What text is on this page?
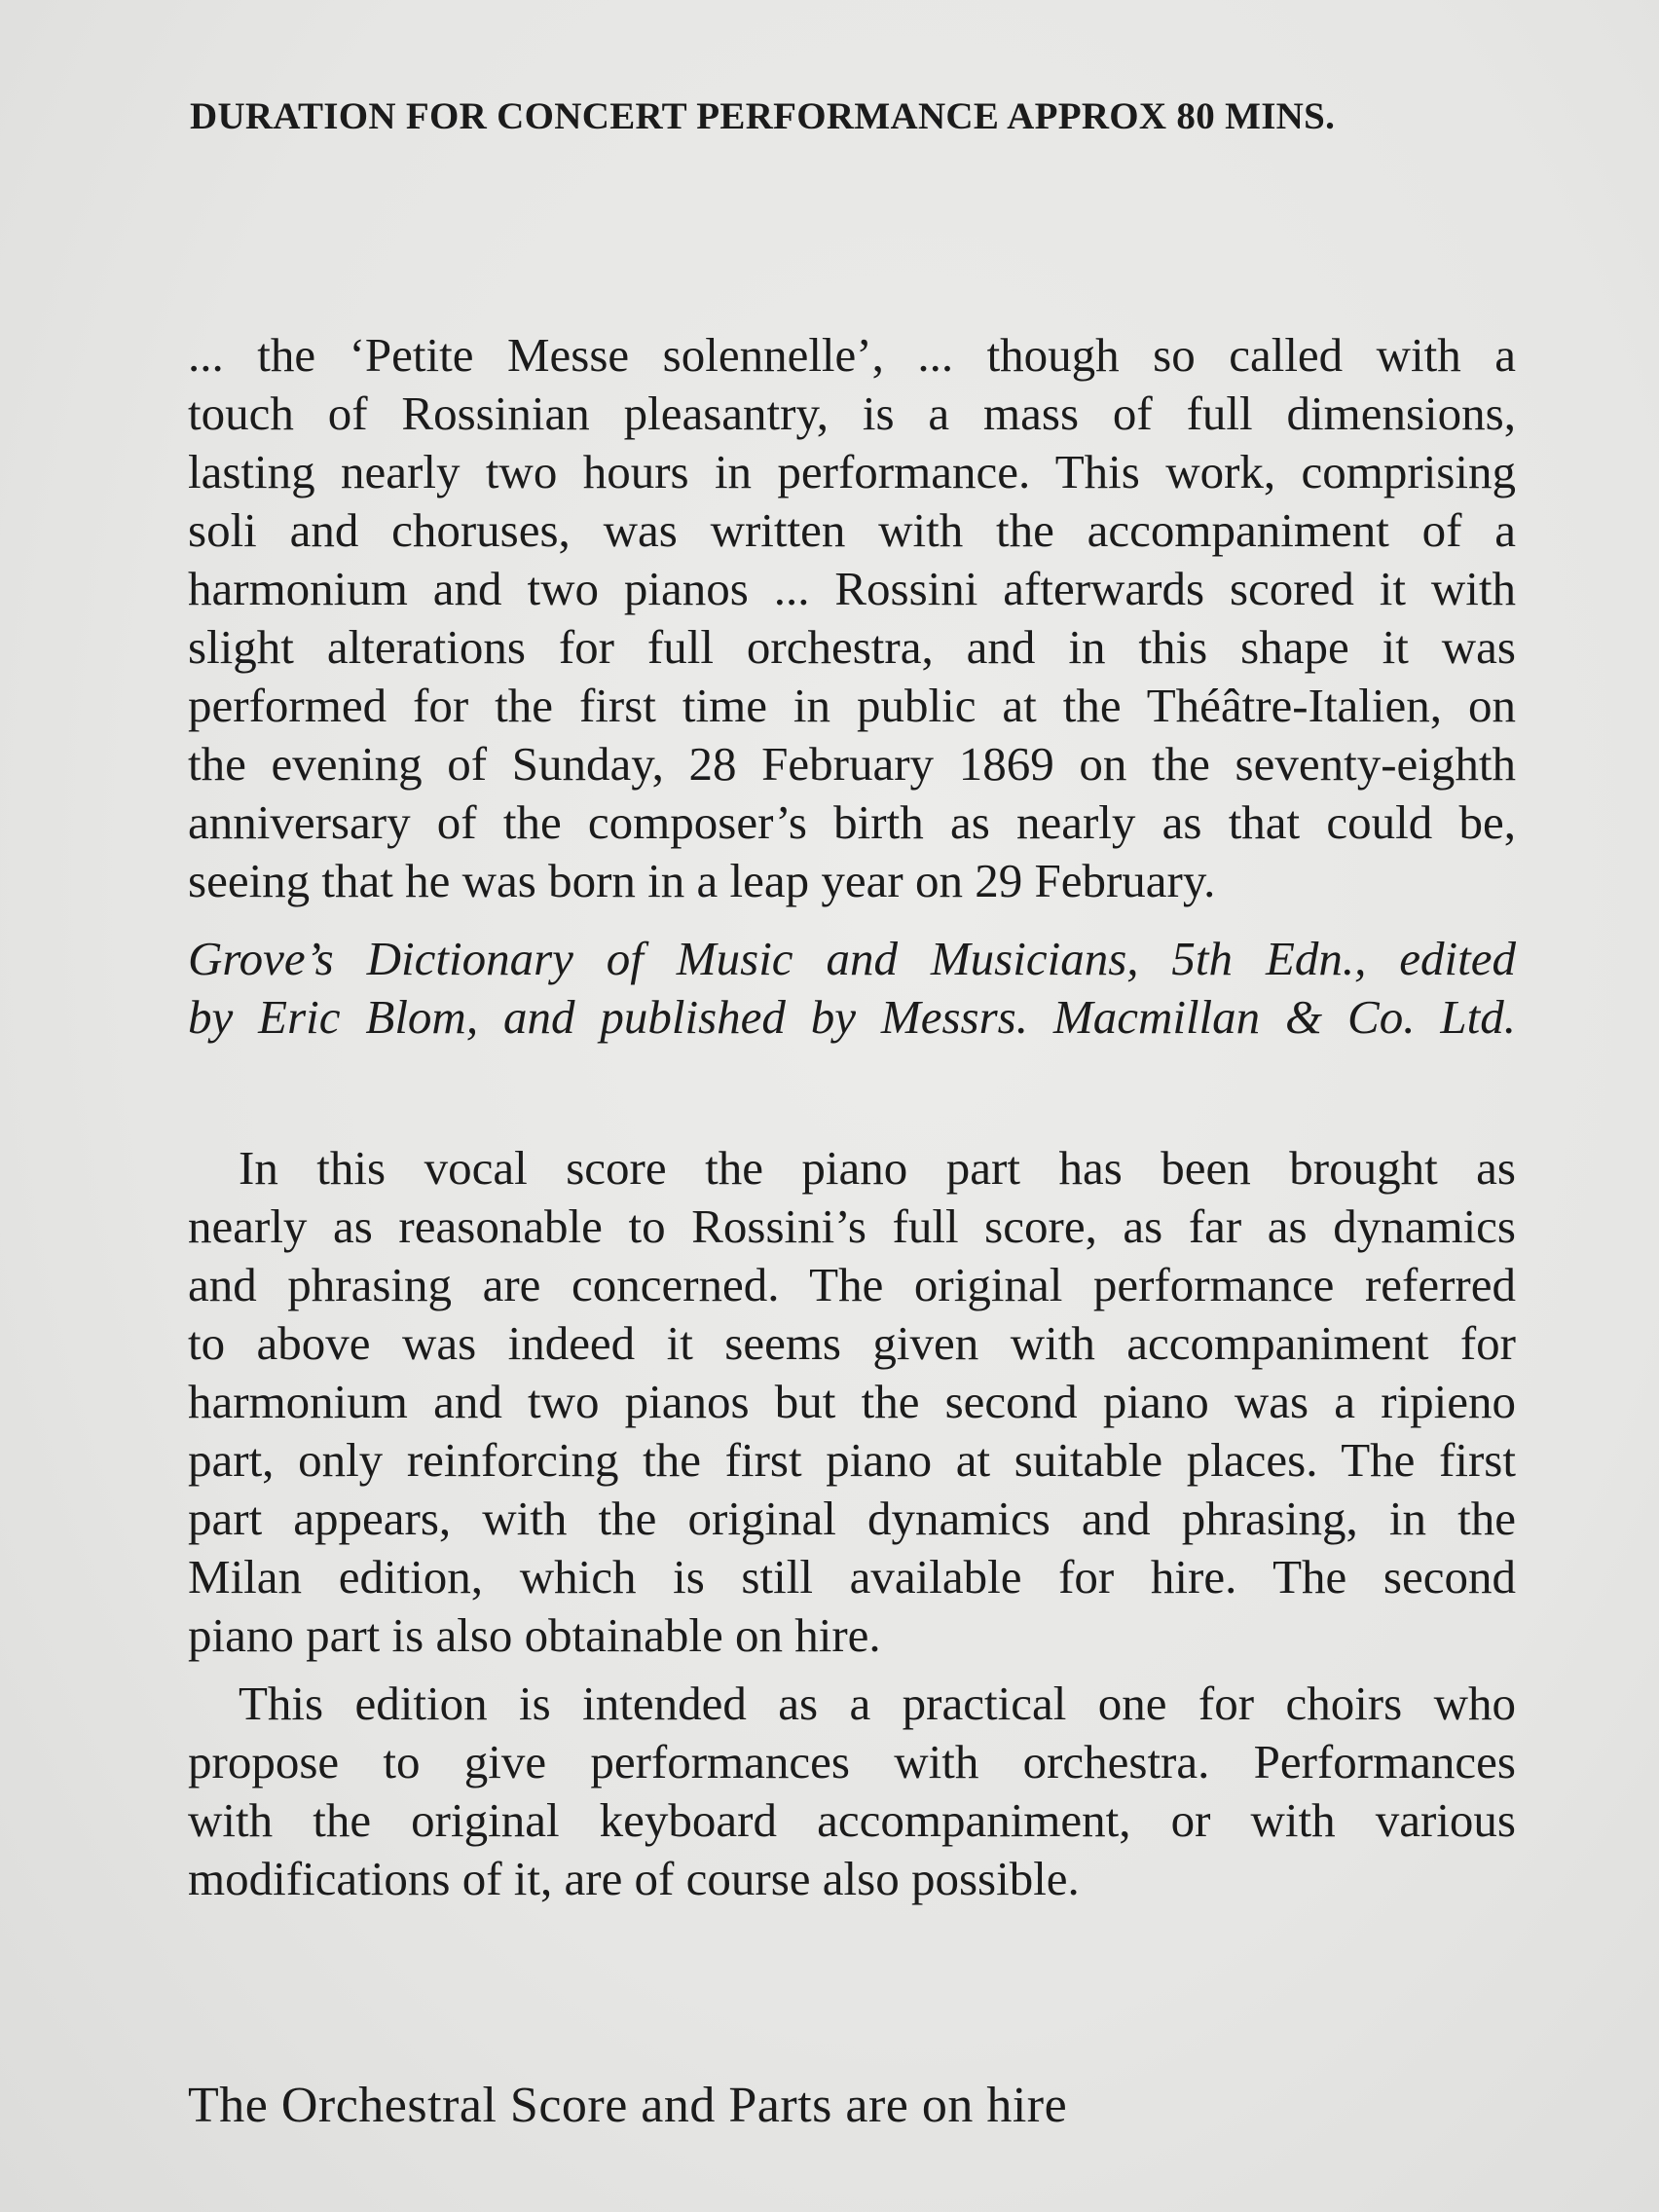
DURATION FOR CONCERT PERFORMANCE APPROX 80 MINS.

... the ‘Petite Messe solennelle’, ... though so called with a

touch of Rossinian pleasantry, is a mass of full dimensions,

lasting nearly two hours in performance. This work, comprising

soli and choruses, was written with the accompaniment of a

harmonium and two pianos ... Rossini afterwards scored it with

slight alterations for full orchestra, and in this shape it was

performed for the first time in public at the Théâtre-Italien, on

the evening of Sunday, 28 February 1869 on the seventy-eighth

anniversary of the composer’s birth as nearly as that could be,

seeing that he was born in a leap year on 29 February.

Grove’s Dictionary of Music and Musicians, 5th Edn., edited

by Eric Blom, and published by Messrs. Macmillan & Co. Ltd.

In this vocal score the piano part has been brought as

nearly as reasonable to Rossini’s full score, as far as dynamics

and phrasing are concerned. The original performance referred

to above was indeed it seems given with accompaniment for

harmonium and two pianos but the second piano was a ripieno

part, only reinforcing the first piano at suitable places. The first

part appears, with the original dynamics and phrasing, in the

Milan edition, which is still available for hire. The second

piano part is also obtainable on hire.

This edition is intended as a practical one for choirs who

propose to give performances with orchestra. Performances

with the original keyboard accompaniment, or with various

modifications of it, are of course also possible.

The Orchestral Score and Parts are on hire
